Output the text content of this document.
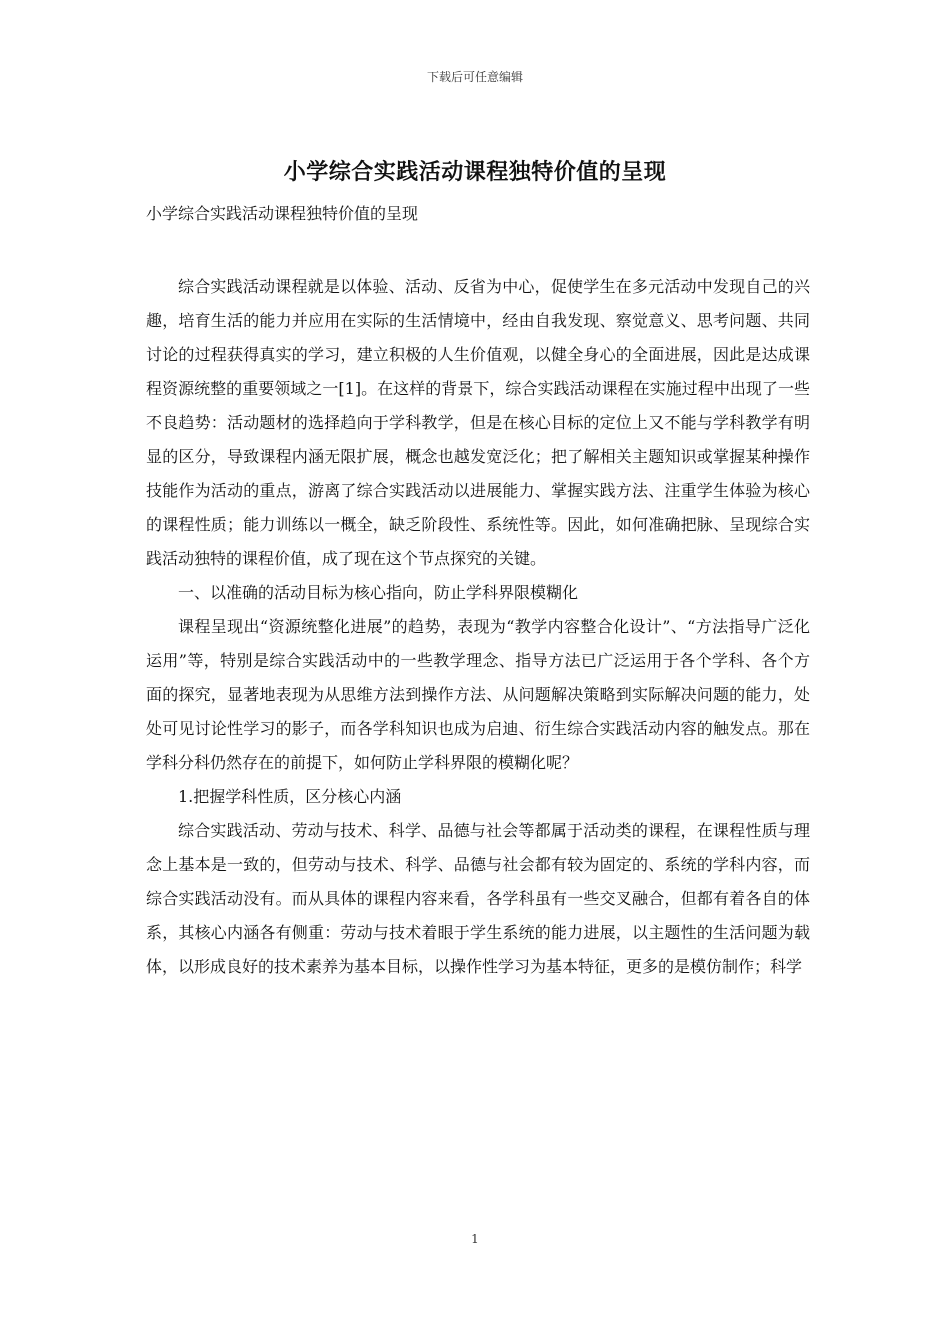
下载后可任意编辑
小学综合实践活动课程独特价值的呈现
小学综合实践活动课程独特价值的呈现

综合实践活动课程就是以体验、活动、反省为中心，促使学生在多元活动中发现自己的兴趣，培育生活的能力并应用在实际的生活情境中，经由自我发现、察觉意义、思考问题、共同讨论的过程获得真实的学习，建立积极的人生价值观，以健全身心的全面进展，因此是达成课程资源统整的重要领域之一[1]。在这样的背景下，综合实践活动课程在实施过程中出现了一些不良趋势：活动题材的选择趋向于学科教学，但是在核心目标的定位上又不能与学科教学有明显的区分，导致课程内涵无限扩展，概念也越发宽泛化；把了解相关主题知识或掌握某种操作技能作为活动的重点，游离了综合实践活动以进展能力、掌握实践方法、注重学生体验为核心的课程性质；能力训练以一概全，缺乏阶段性、系统性等。因此，如何准确把脉、呈现综合实践活动独特的课程价值，成了现在这个节点探究的关键。

一、以准确的活动目标为核心指向，防止学科界限模糊化

课程呈现出“资源统整化进展”的趋势，表现为“教学内容整合化设计”、“方法指导广泛化运用”等，特别是综合实践活动中的一些教学理念、指导方法已广泛运用于各个学科、各个方面的探究，显著地表现为从思维方法到操作方法、从问题解决策略到实际解决问题的能力，处处可见讨论性学习的影子，而各学科知识也成为启迪、衍生综合实践活动内容的触发点。那在学科分科仍然存在的前提下，如何防止学科界限的模糊化呢？

1.把握学科性质，区分核心内涵

综合实践活动、劳动与技术、科学、品德与社会等都属于活动类的课程，在课程性质与理念上基本是一致的，但劳动与技术、科学、品德与社会都有较为固定的、系统的学科内容，而综合实践活动没有。而从具体的课程内容来看，各学科虽有一些交叉融合，但都有着各自的体系，其核心内涵各有侧重：劳动与技术着眼于学生系统的能力进展，以主题性的生活问题为载体，以形成良好的技术素养为基本目标，以操作性学习为基本特征，更多的是模仿制作；科学

1
